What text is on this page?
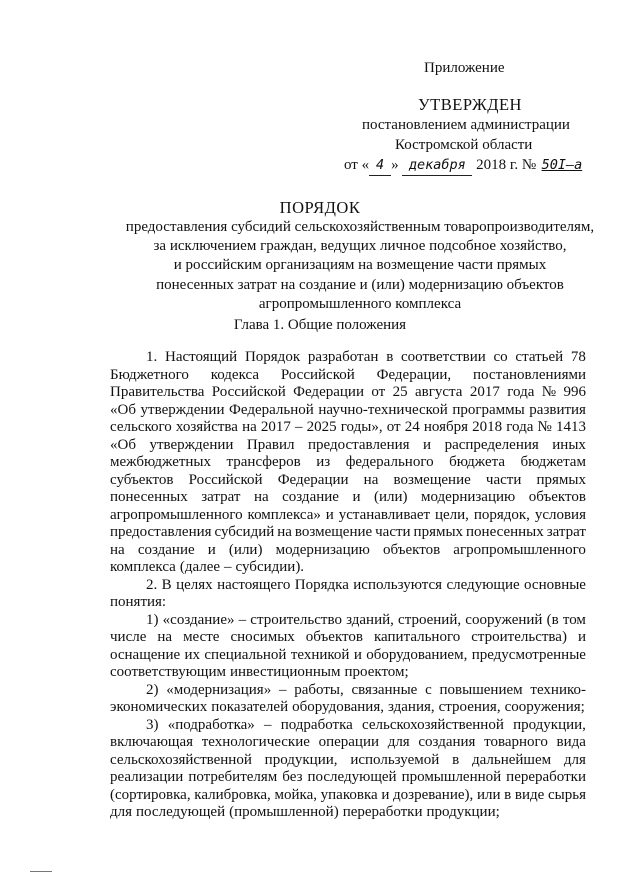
Приложение
УТВЕРЖДЕН
постановлением администрации
Костромской области
от « 4 » декабря 2018 г. № 50I–а
ПОРЯДОК
предоставления субсидий сельскохозяйственным товаропроизводителям,
за исключением граждан, ведущих личное подсобное хозяйство,
и российским организациям на возмещение части прямых
понесенных затрат на создание и (или) модернизацию объектов
агропромышленного комплекса
Глава 1. Общие положения
1. Настоящий Порядок разработан в соответствии со статьей 78
Бюджетного кодекса Российской Федерации, постановлениями
Правительства Российской Федерации от 25 августа 2017 года № 996
«Об утверждении Федеральной научно-технической программы развития
сельского хозяйства на 2017 – 2025 годы», от 24 ноября 2018 года № 1413
«Об утверждении Правил предоставления и распределения иных
межбюджетных трансферов из федерального бюджета бюджетам
субъектов Российской Федерации на возмещение части прямых
понесенных затрат на создание и (или) модернизацию объектов
агропромышленного комплекса» и устанавливает цели, порядок, условия
предоставления субсидий на возмещение части прямых понесенных затрат
на создание и (или) модернизацию объектов агропромышленного
комплекса (далее – субсидии).
2. В целях настоящего Порядка используются следующие основные
понятия:
1) «создание» – строительство зданий, строений, сооружений (в том
числе на месте сносимых объектов капитального строительства) и
оснащение их специальной техникой и оборудованием, предусмотренные
соответствующим инвестиционным проектом;
2) «модернизация» – работы, связанные с повышением технико-
экономических показателей оборудования, здания, строения, сооружения;
3) «подработка» – подработка сельскохозяйственной продукции,
включающая технологические операции для создания товарного вида
сельскохозяйственной продукции, используемой в дальнейшем для
реализации потребителям без последующей промышленной переработки
(сортировка, калибровка, мойка, упаковка и дозревание), или в виде сырья
для последующей (промышленной) переработки продукции;
